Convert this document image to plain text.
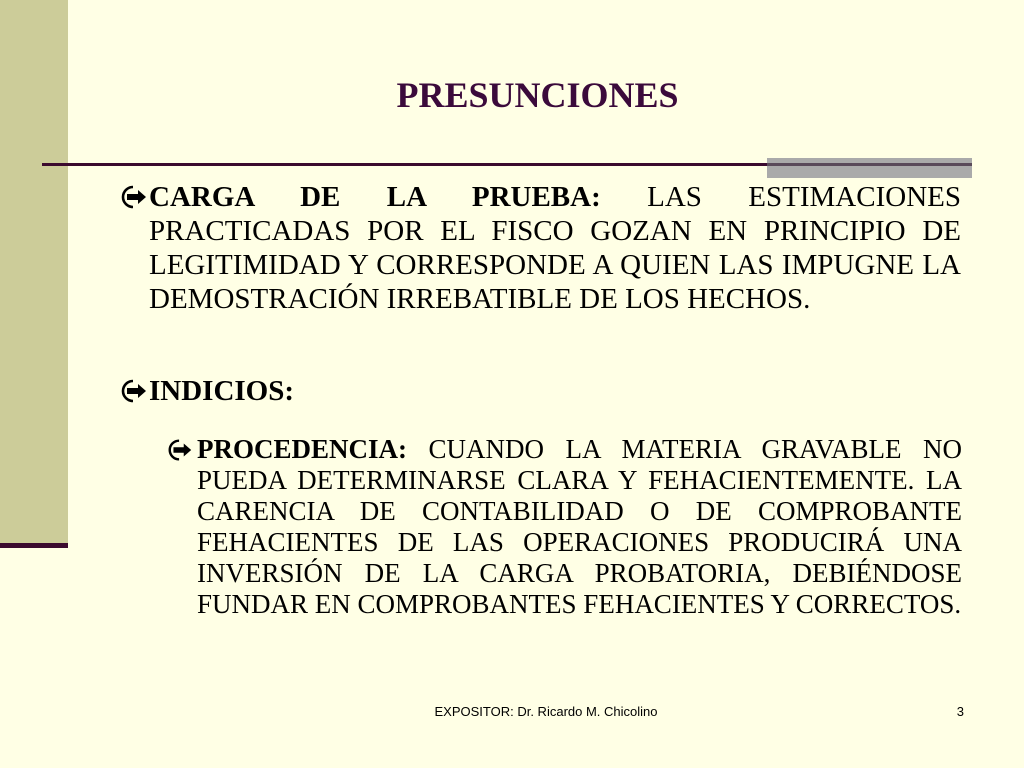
PRESUNCIONES

CARGA DE LA PRUEBA: LAS ESTIMACIONES PRACTICADAS POR EL FISCO GOZAN EN PRINCIPIO DE LEGITIMIDAD Y CORRESPONDE A QUIEN LAS IMPUGNE LA DEMOSTRACIÓN IRREBATIBLE DE LOS HECHOS.

INDICIOS:

PROCEDENCIA: CUANDO LA MATERIA GRAVABLE NO PUEDA DETERMINARSE CLARA Y FEHACIENTEMENTE. LA CARENCIA DE CONTABILIDAD O DE COMPROBANTE FEHACIENTES DE LAS OPERACIONES PRODUCIRÁ UNA INVERSIÓN DE LA CARGA PROBATORIA, DEBIÉNDOSE FUNDAR EN COMPROBANTES FEHACIENTES Y CORRECTOS.

EXPOSITOR: Dr. Ricardo M. Chicolino	3
